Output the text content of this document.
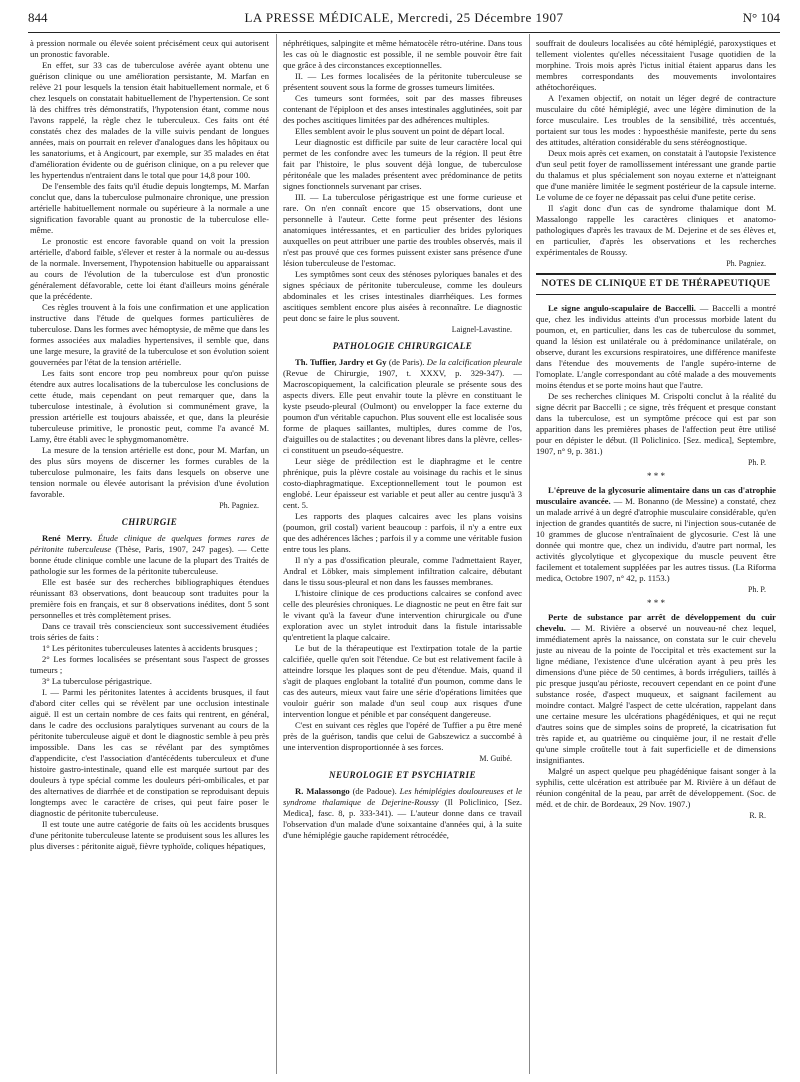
844	LA PRESSE MÉDICALE, Mercredi, 25 Décembre 1907	N° 104

à pression normale ou élevée soient précisément ceux qui autorisent un pronostic favorable.

En effet, sur 33 cas de tuberculose avérée ayant obtenu une guérison clinique ou une amélioration persistante, M. Marfan en relève 21 pour lesquels la tension était habituellement normale, et 6 chez lesquels on constatait habituellement de l'hypertension. Ce sont là des chiffres très démonstratifs, l'hypotension étant, comme nous l'avons rappelé, la règle chez le tuberculeux. Ces faits ont été constatés chez des malades de la ville suivis pendant de longues années, mais on pourrait en relever d'analogues dans les hôpitaux ou les sanatoriums, et à Angicourt, par exemple, sur 35 malades en état d'amélioration évidente ou de guérison clinique, on a pu relever que les hypertendus n'entraient dans le total que pour 14,8 pour 100.

De l'ensemble des faits qu'il étudie depuis longtemps, M. Marfan conclut que, dans la tuberculose pulmonaire chronique, une pression artérielle habituellement normale ou supérieure à la normale a une signification favorable quant au pronostic de la tuberculose elle-même.

Le pronostic est encore favorable quand on voit la pression artérielle, d'abord faible, s'élever et rester à la normale ou au-dessus de la normale. Inversement, l'hypotension habituelle ou apparaissant au cours de l'évolution de la tuberculose est d'un pronostic généralement défavorable, cette loi étant d'ailleurs moins générale que la précédente.

Ces règles trouvent à la fois une confirmation et une application instructive dans l'étude de quelques formes particulières de tuberculose. Dans les formes avec hémoptysie, de même que dans les formes associées aux maladies hypertensives, il semble que, dans une large mesure, la gravité de la tuberculose et son évolution soient gouvernées par l'état de la tension artérielle.

Les faits sont encore trop peu nombreux pour qu'on puisse étendre aux autres localisations de la tuberculose les conclusions de cette étude, mais cependant on peut remarquer que, dans la tuberculose intestinale, à évolution si communément grave, la pression artérielle est toujours abaissée, et que, dans la pleurésie tuberculeuse primitive, le pronostic peut, comme l'a avancé M. Lamy, être établi avec le sphygmomanomètre.

La mesure de la tension artérielle est donc, pour M. Marfan, un des plus sûrs moyens de discerner les formes curables de la tuberculose pulmonaire, les faits dans lesquels on observe une tension normale ou élevée autorisant la prévision d'une évolution favorable.

Ph. Pagniez.

CHIRURGIE

René Merry. Étude clinique de quelques formes rares de péritonite tuberculeuse (Thèse, Paris, 1907, 247 pages). — Cette bonne étude clinique comble une lacune de la plupart des Traités de pathologie sur les formes de la péritonite tuberculeuse.

Elle est basée sur des recherches bibliographiques étendues réunissant 83 observations, dont beaucoup sont traduites pour la première fois en français, et sur 8 observations inédites, dont 5 sont personnelles et très complètement prises.

Dans ce travail très consciencieux sont successivement étudiées trois séries de faits :

1° Les péritonites tuberculeuses latentes à accidents brusques ;

2° Les formes localisées se présentant sous l'aspect de grosses tumeurs ;

3° La tuberculose périgastrique.

I. — Parmi les péritonites latentes à accidents brusques, il faut d'abord citer celles qui se révèlent par une occlusion intestinale aiguë. Il est un certain nombre de ces faits qui rentrent, en général, dans le cadre des occlusions paralytiques survenant au cours de la péritonite tuberculeuse aiguë et dont le diagnostic semble à peu près impossible. Dans les cas se révélant par des symptômes d'appendicite, c'est l'association d'antécédents tuberculeux et d'une histoire gastro-intestinale, quand elle est marquée surtout par des douleurs à type spécial comme les douleurs péri-ombilicales, et par des alternatives de diarrhée et de constipation se reproduisant depuis longtemps avec le caractère de crises, qui peut faire poser le diagnostic de péritonite tuberculeuse.

Il est toute une autre catégorie de faits où les accidents brusques d'une péritonite tuberculeuse latente se produisent sous les allures les plus diverses : péritonite aiguë, fièvre typhoïde, coliques hépatiques,

néphrétiques, salpingite et même hématocèle rétro-utérine. Dans tous les cas où le diagnostic est possible, il ne semble pouvoir être fait que grâce à des circonstances exceptionnelles.

II. — Les formes localisées de la péritonite tuberculeuse se présentent souvent sous la forme de grosses tumeurs limitées.

Ces tumeurs sont formées, soit par des masses fibreuses contenant de l'épiploon et des anses intestinales agglutinées, soit par des poches ascitiques limitées par des adhérences multiples.

Elles semblent avoir le plus souvent un point de départ local.

Leur diagnostic est difficile par suite de leur caractère local qui permet de les confondre avec les tumeurs de la région. Il peut être fait par l'histoire, le plus souvent déjà longue, de tuberculose péritonéale que les malades présentent avec prédominance de petits signes fonctionnels survenant par crises.

III. — La tuberculose périgastrique est une forme curieuse et rare. On n'en connaît encore que 15 observations, dont une personnelle à l'auteur. Cette forme peut présenter des lésions anatomiques intéressantes, et en particulier des brides pyloriques auxquelles on peut attribuer une partie des troubles observés, mais il n'est pas prouvé que ces formes puissent exister sans présence d'une lésion tuberculeuse de l'estomac.

Les symptômes sont ceux des sténoses pyloriques banales et des signes spéciaux de péritonite tuberculeuse, comme les douleurs abdominales et les crises intestinales diarrhéiques. Les formes ascitiques semblent encore plus aisées à reconnaître. Le diagnostic peut donc se faire le plus souvent.

Laignel-Lavastine.

PATHOLOGIE CHIRURGICALE

Th. Tuffier, Jardry et Gy (de Paris). De la calcification pleurale (Revue de Chirurgie, 1907, t. XXXV, p. 329-347). — Macroscopiquement, la calcification pleurale se présente sous des aspects divers. Elle peut envahir toute la plèvre en constituant le kyste pseudo-pleural (Oulmont) ou envelopper la face externe du poumon d'un véritable capuchon. Plus souvent elle est localisée sous forme de plaques saillantes, multiples, dures comme de l'os, d'aiguilles ou de stalactites ; ou devenant libres dans la plèvre, celles-ci constituent un pseudo-séquestre.

Leur siège de prédilection est le diaphragme et le centre phrénique, puis la plèvre costale au voisinage du rachis et le sinus costo-diaphragmatique. Exceptionnellement tout le poumon est englobé. Leur épaisseur est variable et peut aller au centre jusqu'à 3 cent. 5.

Les rapports des plaques calcaires avec les plans voisins (poumon, gril costal) varient beaucoup : parfois, il n'y a entre eux que des adhérences lâches ; parfois il y a comme une véritable fusion entre tous les plans.

Il n'y a pas d'ossification pleurale, comme l'admettaient Rayer, Andral et Löbker, mais simplement infiltration calcaire, débutant dans le tissu sous-pleural et non dans les fausses membranes.

L'histoire clinique de ces productions calcaires se confond avec celle des pleurésies chroniques. Le diagnostic ne peut en être fait sur le vivant qu'à la faveur d'une intervention chirurgicale ou d'une exploration avec un stylet introduit dans la fistule intarissable qu'entretient la plaque calcaire.

Le but de la thérapeutique est l'extirpation totale de la partie calcifiée, quelle qu'en soit l'étendue. Ce but est relativement facile à atteindre lorsque les plaques sont de peu d'étendue. Mais, quand il s'agit de plaques englobant la totalité d'un poumon, comme dans le cas des auteurs, mieux vaut faire une série d'opérations limitées que vouloir guérir son malade d'un seul coup aux risques d'une intervention longue et pénible et par conséquent dangereuse.

C'est en suivant ces règles que l'opéré de Tuffier a pu être mené près de la guérison, tandis que celui de Gabszewicz a succombé à une intervention disproportionnée à ses forces.

M. Guibé.

NEUROLOGIE ET PSYCHIATRIE

R. Malassongo (de Padoue). Les hémiplégies douloureuses et le syndrome thalamique de Dejerine-Roussy (Il Policlinico, [Sez. Medica], fasc. 8, p. 333-341). — L'auteur donne dans ce travail l'observation d'un malade d'une soixantaine d'années qui, à la suite d'une hémiplégie gauche rapidement rétrocédée,

souffrait de douleurs localisées au côté hémiplégié, paroxystiques et tellement violentes qu'elles nécessitaient l'usage quotidien de la morphine. Trois mois après l'ictus initial étaient apparus dans les membres correspondants des mouvements involontaires athétochoréiques.

A l'examen objectif, on notait un léger degré de contracture musculaire du côté hémiplégié, avec une légère diminution de la force musculaire. Les troubles de la sensibilité, très accentués, portaient sur tous les modes : hypoesthésie manifeste, perte du sens des attitudes, altération considérable du sens stéréognostique.

Deux mois après cet examen, on constatait à l'autopsie l'existence d'un seul petit foyer de ramollissement intéressant une grande partie du thalamus et plus spécialement son noyau externe et n'atteignant que d'une manière limitée le segment postérieur de la capsule interne. Le volume de ce foyer ne dépassait pas celui d'une petite cerise.

Il s'agit donc d'un cas de syndrome thalamique dont M. Massalongo rappelle les caractères cliniques et anatomo-pathologiques d'après les travaux de M. Dejerine et de ses élèves et, en particulier, d'après les observations et les recherches expérimentales de Roussy.

Ph. Pagniez.

NOTES DE CLINIQUE ET DE THÉRAPEUTIQUE

Le signe angulo-scapulaire de Baccelli. — Baccelli a montré que, chez les individus atteints d'un processus morbide latent du poumon, et, en particulier, dans les cas de tuberculose du sommet, quand la lésion est unilatérale ou à prédominance unilatérale, on observe, durant les excursions respiratoires, une différence manifeste dans l'étendue des mouvements de l'angle supéro-interne de l'omoplate. L'angle correspondant au côté malade a des mouvements moins étendus et se porte moins haut que l'autre.

De ses recherches cliniques M. Crispolti conclut à la réalité du signe décrit par Baccelli ; ce signe, très fréquent et presque constant dans la tuberculose, est un symptôme précoce qui est par son apparition dans les premières phases de l'affection peut être utilisé pour en dépister le début. (Il Policlinico. [Sez. medica], Septembre, 1907, n° 9, p. 381.)

Ph. P.

* * *

L'épreuve de la glycosurie alimentaire dans un cas d'atrophie musculaire avancée. — M. Bonanno (de Messine) a constaté, chez un malade arrivé à un degré d'atrophie musculaire considérable, qu'en injection de grandes quantités de sucre, ni l'injection sous-cutanée de 10 grammes de glucose n'entraînaient de glycosurie. C'est là une donnée qui montre que, chez un individu, d'autre part normal, les activités glycolytique et glycopexique du muscle peuvent être facilement et totalement suppléées par les autres tissus. (La Riforma medica, Octobre 1907, n° 42, p. 1153.)

Ph. P.

* * *

Perte de substance par arrêt de développement du cuir chevelu. — M. Rivière a observé un nouveau-né chez lequel, immédiatement après la naissance, on constata sur le cuir chevelu juste au niveau de la pointe de l'occipital et très exactement sur la ligne médiane, l'existence d'une ulcération ayant à peu près les dimensions d'une pièce de 50 centimes, à bords irréguliers, taillés à pic presque jusqu'au périoste, recouvert cependant en ce point d'une substance rosée, d'aspect muqueux, et saignant facilement au moindre contact. Malgré l'aspect de cette ulcération, rappelant dans une certaine mesure les ulcérations phagédéniques, et qui ne reçut d'autres soins que de simples soins de propreté, la cicatrisation fut très rapide et, au quatrième ou cinquième jour, il ne restait d'elle qu'une simple croûtelle tout à fait superficielle et de dimensions insignifiantes.

Malgré un aspect quelque peu phagédénique faisant songer à la syphilis, cette ulcération est attribuée par M. Rivière à un défaut de réunion congénital de la peau, par arrêt de développement. (Soc. de méd. et de chir. de Bordeaux, 29 Nov. 1907.)

R. R.
